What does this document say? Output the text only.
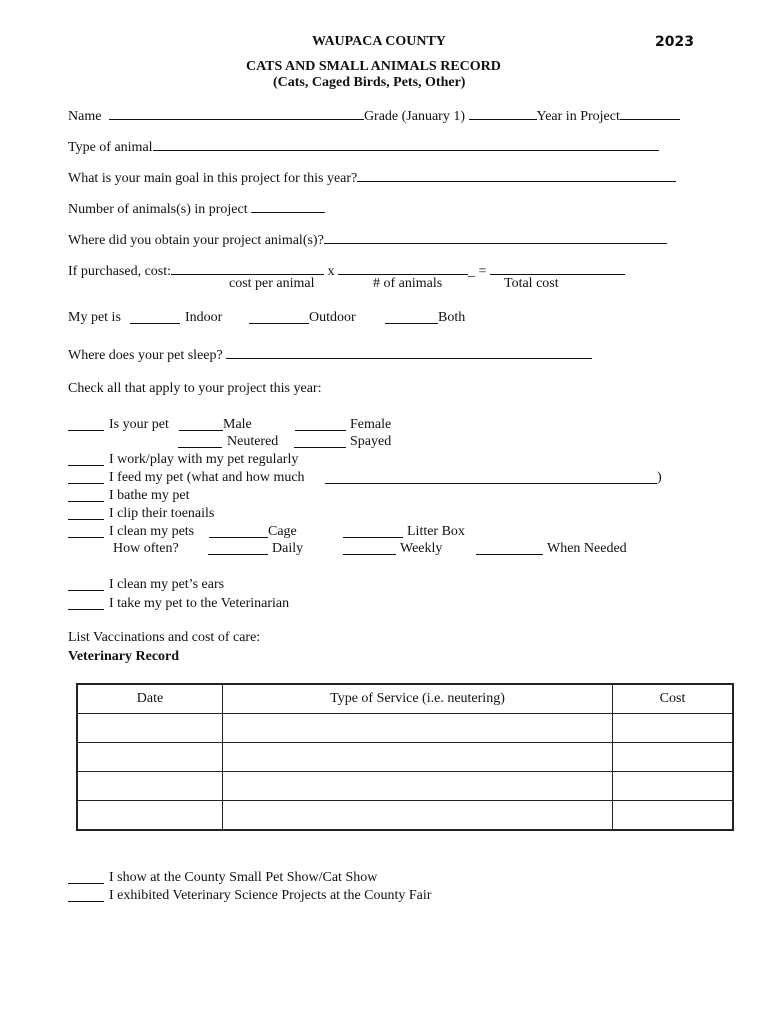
WAUPACA COUNTY	2023
CATS AND SMALL ANIMALS RECORD
(Cats, Caged Birds, Pets, Other)
Name	Grade (January 1)	Year in Project
Type of animal
What is your main goal in this project for this year?
Number of animals(s) in project
Where did you obtain your project animal(s)?
If purchased, cost:	x	_ =
cost per animal	# of animals	Total cost
My pet is	Indoor	Outdoor	Both
Where does your pet sleep?
Check all that apply to your project this year:
Is your pet	Male	Female
Neutered	Spayed
I work/play with my pet regularly
I feed my pet (what and how much	)
I bathe my pet
I clip their toenails
I clean my pets	Cage	Litter Box
How often?	Daily	Weekly	When Needed
I clean my pet’s ears
I take my pet to the Veterinarian
List Vaccinations and cost of care:
Veterinary Record
Date	Type of Service (i.e. neutering)	Cost

I show at the County Small Pet Show/Cat Show
I exhibited Veterinary Science Projects at the County Fair
